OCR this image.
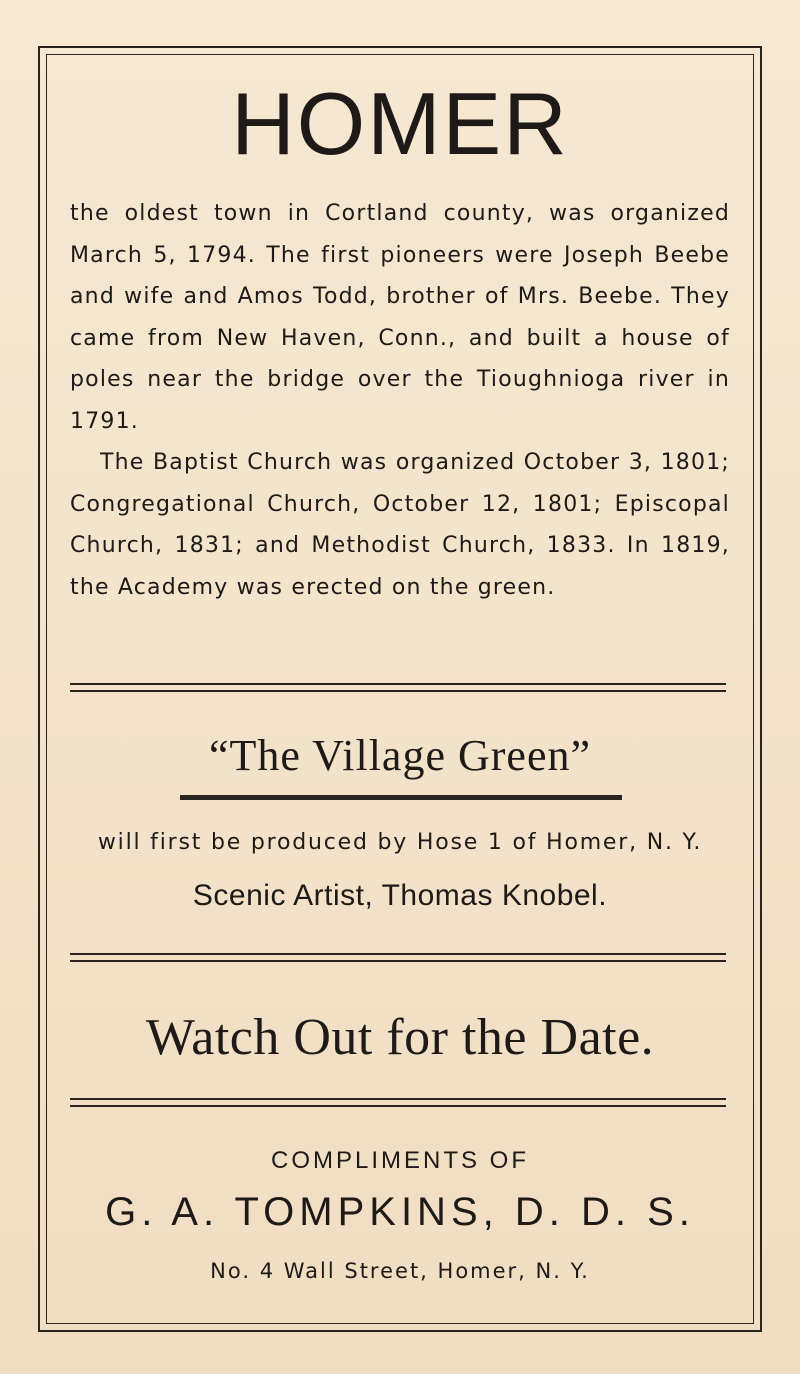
HOMER

the oldest town in Cortland county, was organized March 5, 1794. The first pioneers were Joseph Beebe and wife and Amos Todd, brother of Mrs. Beebe. They came from New Haven, Conn., and built a house of poles near the bridge over the Tioughnioga river in 1791.

The Baptist Church was organized October 3, 1801; Congregational Church, October 12, 1801; Episcopal Church, 1831; and Methodist Church, 1833. In 1819, the Academy was erected on the green.

“The Village Green”
will first be produced by Hose 1 of Homer, N. Y.
Scenic Artist, Thomas Knobel.
Watch Out for the Date.
COMPLIMENTS OF
G. A. TOMPKINS, D. D. S.
No. 4 Wall Street, Homer, N. Y.
